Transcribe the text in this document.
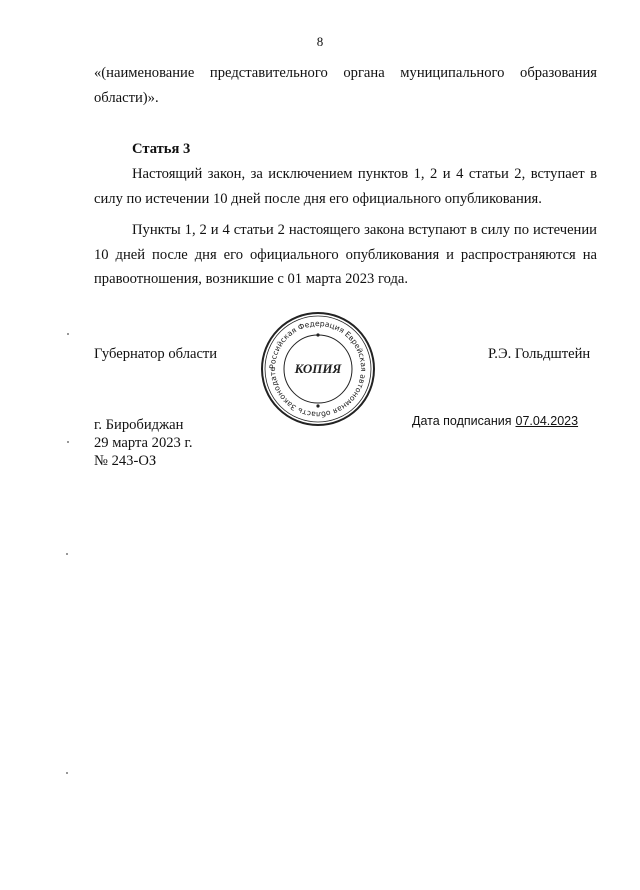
8
«(наименование представительного органа муниципального образования области)».
Статья 3
Настоящий закон, за исключением пунктов 1, 2 и 4 статьи 2, вступает в силу по истечении 10 дней после дня его официального опубликования.
Пункты 1, 2 и 4 статьи 2 настоящего закона вступают в силу по истечении 10 дней после дня его официального опубликования и распространяются на правоотношения, возникшие с 01 марта 2023 года.
Российская Федерация Еврейская автономная область Законодате	КОПИЯ
Губернатор области	Р.Э. Гольдштейн
г. Биробиджан
29 марта 2023 г.
№ 243-ОЗ
Дата подписания 07.04.2023
